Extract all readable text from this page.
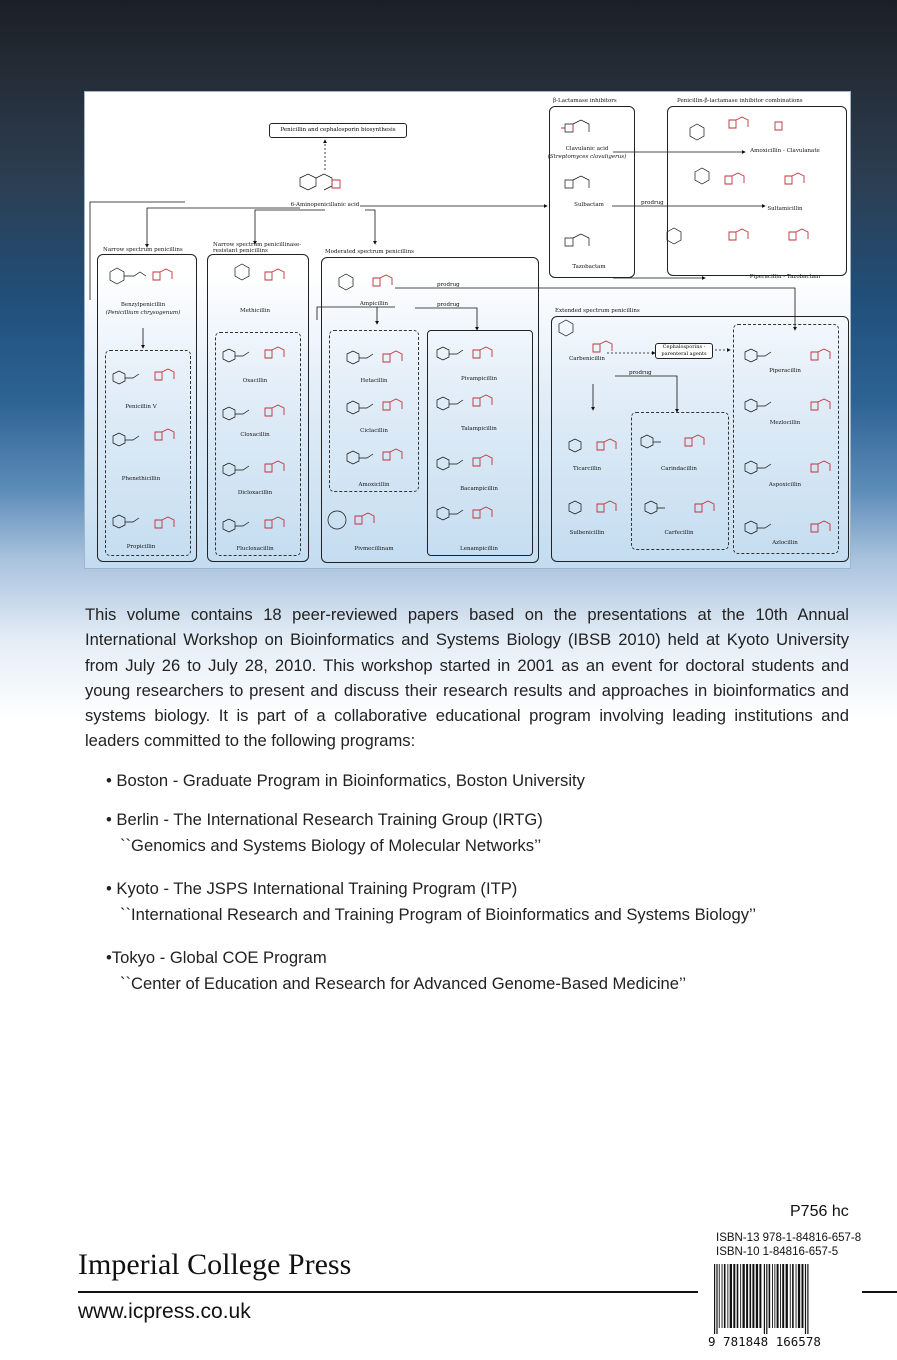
Penicillin and cephalosporin biosynthesis
6-Aminopenicillanic acid
Narrow spectrum penicillins
Narrow spectrum penicillinase-resistant penicillins	Moderated spectrum penicillins
β-Lactamase inhibitors	Penicillin-β-lactamase inhibitor combinations
Extended spectrum penicillins
Cephalosporins - parenteral agents
prodrug
prodrug
prodrug
prodrug
Benzylpenicillin
(Penicillium chrysogenum)
Penicillin V
Phenethicillin
Propicillin
Methicillin
Oxacillin
Cloxacillin
Dicloxacillin
Flucloxacillin
Ampicillin
Hetacillin
Ciclacillin
Amoxicillin
Pivmecillinam
Pivampicillin
Talampicillin
Bacampicillin
Lenampicillin
Clavulanic acid
(Streptomyces clavuligerus)
Sulbactam
Tazobactam
Amoxicillin - Clavulanate
Sultamicillin
Piperacillin - Tazobactam
Carbenicillin
Ticarcillin
Sulbenicillin
Carindacillin
Carfecillin
Piperacillin
Mezlocillin
Aspoxicillin
Azlocillin

This volume contains 18 peer-reviewed papers based on the presentations at the 10th Annual International Workshop on Bioinformatics and Systems Biology (IBSB 2010) held at Kyoto University from July 26 to July 28, 2010. This workshop started in 2001 as an event for doctoral students and young researchers to present and discuss their research results and approaches in bioinformatics and systems biology. It is part of a collaborative educational program involving leading institutions and leaders committed to the following programs:

• Boston - Graduate Program in Bioinformatics, Boston University
• Berlin - The International Research Training Group (IRTG)
``Genomics and Systems Biology of Molecular Networks’’
• Kyoto - The JSPS International Training Program (ITP)
``International Research and Training Program of Bioinformatics and Systems Biology’’
•Tokyo - Global COE Program
``Center of Education and Research for Advanced Genome-Based Medicine’’
P756 hc
ISBN-13 978-1-84816-657-8
ISBN-10 1-84816-657-5
Imperial College Press
www.icpress.co.uk
9 781848 166578
